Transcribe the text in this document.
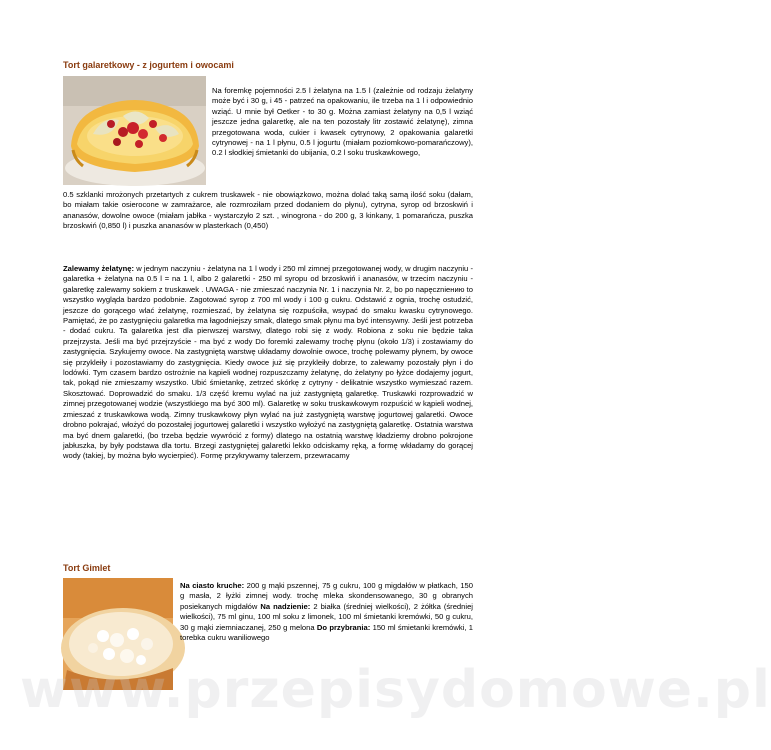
Tort galaretkowy - z jogurtem i owocami
Na foremkę pojemności 2.5 l żelatyna na 1.5 l (zależnie od rodzaju żelatyny może być i 30 g, i 45 - patrzeć na opakowaniu, ile trzeba na 1 l i odpowiednio wziąć. U mnie był Oetker - to 30 g. Można zamiast żelatyny na 0,5 l wziąć jeszcze jedna galaretkę, ale na ten pozostały litr zostawić żelatynę), zimna przegotowana woda, cukier i kwasek cytrynowy, 2 opakowania galaretki cytrynowej - na 1 l płynu, 0.5 l jogurtu (miałam poziomkowo-pomarańczowy), 0.2 l słodkiej śmietanki do ubijania, 0.2 l soku truskawkowego,
0.5 szklanki mrożonych przetartych z cukrem truskawek - nie obowiązkowo, można dolać taką samą ilość soku (dałam, bo miałam takie osierocone w zamrażarce, ale rozmroziłam przed dodaniem do płynu), cytryna, syrop od brzoskwiń i ananasów, dowolne owoce (miałam jabłka - wystarczyło 2 szt. , winogrona - do 200 g, 3 kinkany, 1 pomarańcza, puszka brzoskwiń (0,850 l) i puszka ananasów w plasterkach (0,450)
Zalewamy żelatynę: w jednym naczyniu - żelatyna na 1 l wody i 250 ml zimnej przegotowanej wody, w drugim naczyniu - galaretka + żelatyna na 0.5 l = na 1 l, albo 2 galaretki - 250 ml syropu od brzoskwiń i ananasów, w trzecim naczyniu - galaretkę zalewamy sokiem z truskawek . UWAGA - nie zmieszać naczynia Nr. 1 i naczynia Nr. 2, bo po napęczniению to wszystko wygląda bardzo podobnie. Zagotować syrop z 700 ml wody i 100 g cukru. Odstawić z ognia, trochę ostudzić, jeszcze do gorącego wlać żelatynę, rozmieszać, by żelatyna się rozpuściła, wsypać do smaku kwasku cytrynowego. Pamiętać, że po zastygnięciu galaretka ma łagodniejszy smak, dlatego smak płynu ma być intensywny. Jeśli jest potrzeba - dodać cukru. Ta galaretka jest dla pierwszej warstwy, dlatego robi się z wody. Robiona z soku nie będzie taka przejrzysta. Jeśli ma być przejrzyście - ma być z wody Do foremki zalewamy trochę płynu (około 1/3) i zostawiamy do zastygnięcia. Szykujemy owoce. Na zastygniętą warstwę układamy dowolnie owoce, trochę polewamy płynem, by owoce się przykleiły i pozostawiamy do zastygnięcia. Kiedy owoce już się przykleiły dobrze, to zalewamy pozostały płyn i do lodówki. Tym czasem bardzo ostrożnie na kąpieli wodnej rozpuszczamy żelatynę, do żelatyny po łyżce dodajemy jogurt, tak, pokąd nie zmieszamy wszystko. Ubić śmietankę, zetrzeć skórkę z cytryny - delikatnie wszystko wymieszać razem. Skosztować. Doprowadzić do smaku. 1/3 część kremu wylać na już zastygniętą galaretkę. Truskawki rozprowadzić w zimnej przegotowanej wodzie (wszystkiego ma być 300 ml). Galaretkę w soku truskawkowym rozpuścić w kąpieli wodnej, zmieszać z truskawkowa wodą. Zimny truskawkowy płyn wylać na już zastygniętą warstwę jogurtowej galaretki. Owoce drobno pokrajać, włożyć do pozostałej jogurtowej galaretki i wszystko wyłożyć na zastygniętą galaretkę. Ostatnia warstwa ma być dnem galaretki, (bo trzeba będzie wywrócić z formy) dlatego na ostatnią warstwę kładziemy drobno pokrojone jabłuszka, by były podstawa dla tortu. Brzegi zastygniętej galaretki lekko odciskamy ręką, a formę wkładamy do gorącej wody (takiej, by można było wycierpieć). Formę przykrywamy talerzem, przewracamy
Tort Gimlet
Na ciasto kruche: 200 g mąki pszennej, 75 g cukru, 100 g migdałów w płatkach, 150 g masła, 2 łyżki zimnej wody. trochę mleka skondensowanego, 30 g obranych posiekanych migdałów Na nadzienie: 2 białka (średniej wielkości), 2 żółtka (średniej wielkości), 75 ml ginu, 100 ml soku z limonek, 100 ml śmietanki kremówki, 50 g cukru, 30 g mąki ziemniaczanej, 250 g melona Do przybrania: 150 ml śmietanki kremówki, 1 torebka cukru waniliowego
www.przepisydomowe.pl
